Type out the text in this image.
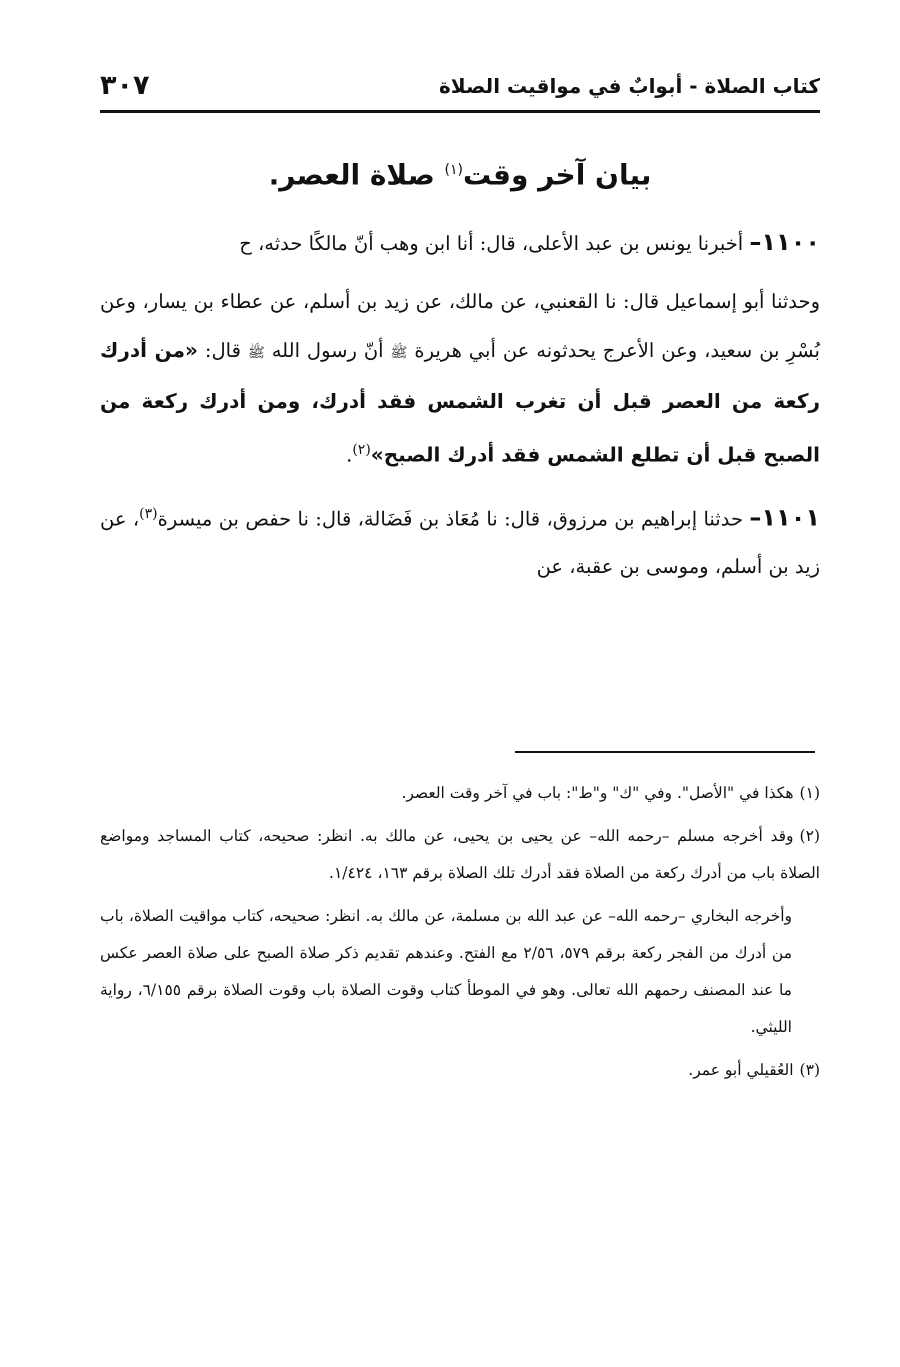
كتاب الصلاة - أبوابٌ في مواقيت الصلاة
٣٠٧
بيان آخر وقت$^{(١)}$ صلاة العصر.

١١٠٠– أخبرنا يونس بن عبد الأعلى، قال: أنا ابن وهب أنّ مالكًا حدثه، ح

وحدثنا أبو إسماعيل قال: نا القعنبي، عن مالك، عن زيد بن أسلم، عن عطاء بن يسار، وعن بُسْرِ بن سعيد، وعن الأعرج يحدثونه عن أبي هريرة ﷺ أنّ رسول الله ﷺ قال: «من أدرك ركعة من العصر قبل أن تغرب الشمس فقد أدرك، ومن أدرك ركعة من الصبح قبل أن تطلع الشمس فقد أدرك الصبح»$^{(٢)}$.

١١٠١– حدثنا إبراهيم بن مرزوق، قال: نا مُعَاذ بن فَضَالة، قال: نا حفص بن ميسرة$^{(٣)}$، عن زيد بن أسلم، وموسى بن عقبة، عن

(١)هكذا في "الأصل". وفي "ك" و"ط": باب في آخر وقت العصر.

(٢)وقد أخرجه مسلم –رحمه الله– عن يحيى بن يحيى، عن مالك به. انظر: صحيحه، كتاب المساجد ومواضع الصلاة باب من أدرك ركعة من الصلاة فقد أدرك تلك الصلاة برقم ١٦٣، ١/٤٢٤.

وأخرجه البخاري –رحمه الله– عن عبد الله بن مسلمة، عن مالك به. انظر: صحيحه، كتاب مواقيت الصلاة، باب من أدرك من الفجر ركعة برقم ٥٧٩، ٢/٥٦ مع الفتح. وعندهم تقديم ذكر صلاة الصبح على صلاة العصر عكس ما عند المصنف رحمهم الله تعالى. وهو في الموطأ كتاب وقوت الصلاة باب وقوت الصلاة برقم ٦/١٥٥، رواية الليثي.

(٣)العُقيلي أبو عمر.
